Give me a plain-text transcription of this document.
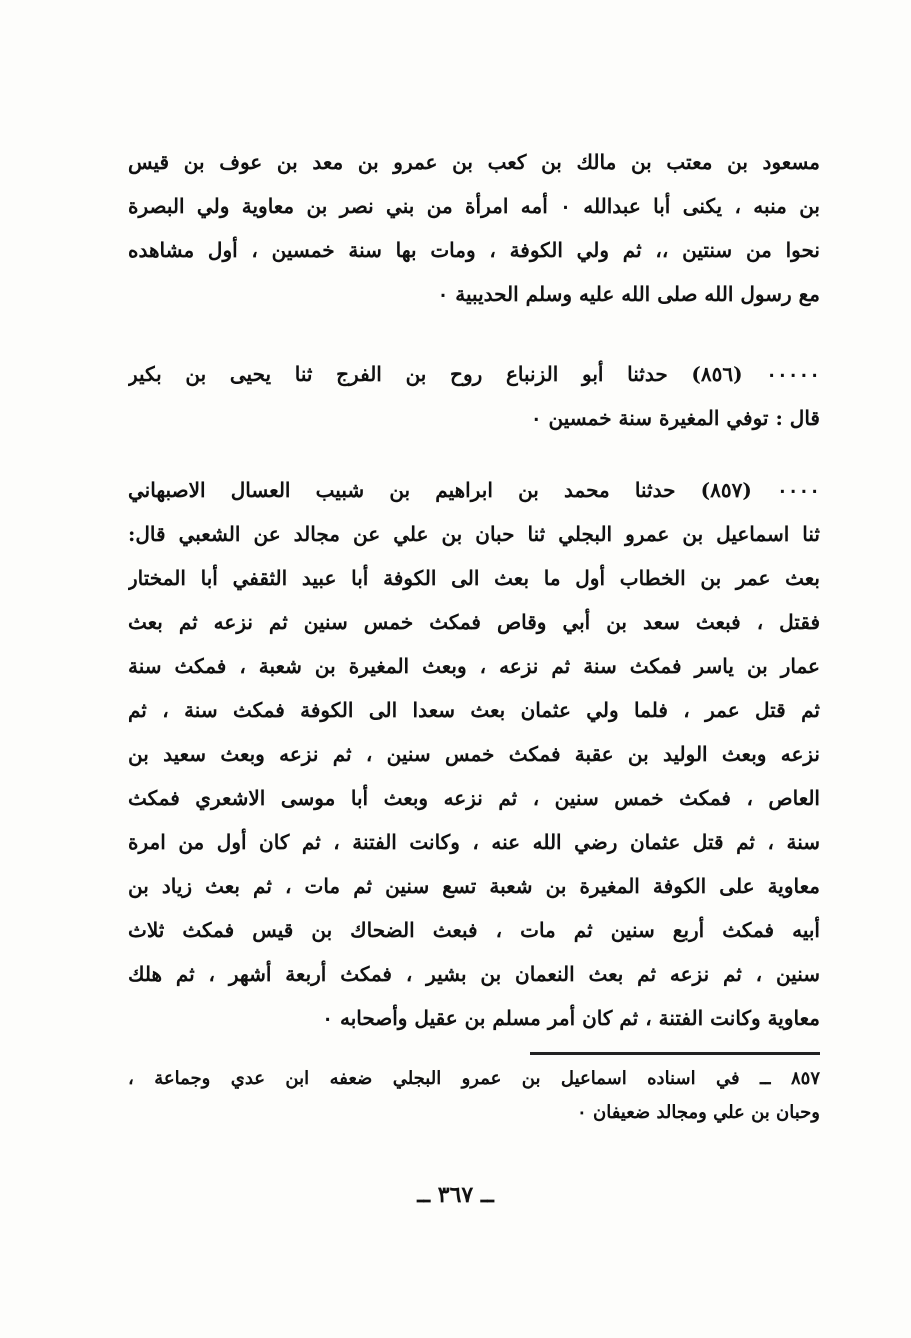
مسعود بن معتب بن مالك بن كعب بن عمرو بن معد بن عوف بن قيس
بن منبه ، يكنى أبا عبدالله ٠ أمه امرأة من بني نصر بن معاوية ولي البصرة
نحوا من سنتين ،، ثم ولي الكوفة ، ومات بها سنة خمسين ، أول مشاهده
مع رسول الله صلى الله عليه وسلم الحديبية ٠
٠٠٠٠٠ (٨٥٦) حدثنا أبو الزنباع روح بن الفرج ثنا يحيى بن بكير
قال : توفي المغيرة سنة خمسين ٠
٠٠٠٠ (٨٥٧) حدثنا محمد بن ابراهيم بن شبيب العسال الاصبهاني
ثنا اسماعيل بن عمرو البجلي ثنا حبان بن علي عن مجالد عن الشعبي قال:
بعث عمر بن الخطاب أول ما بعث الى الكوفة أبا عبيد الثقفي أبا المختار
فقتل ، فبعث سعد بن أبي وقاص فمكث خمس سنين ثم نزعه ثم بعث
عمار بن ياسر فمكث سنة ثم نزعه ، وبعث المغيرة بن شعبة ، فمكث سنة
ثم قتل عمر ، فلما ولي عثمان بعث سعدا الى الكوفة فمكث سنة ، ثم
نزعه وبعث الوليد بن عقبة فمكث خمس سنين ، ثم نزعه وبعث سعيد بن
العاص ، فمكث خمس سنين ، ثم نزعه وبعث أبا موسى الاشعري فمكث
سنة ، ثم قتل عثمان رضي الله عنه ، وكانت الفتنة ، ثم كان أول من امرة
معاوية على الكوفة المغيرة بن شعبة تسع سنين ثم مات ، ثم بعث زياد بن
أبيه فمكث أربع سنين ثم مات ، فبعث الضحاك بن قيس فمكث ثلاث
سنين ، ثم نزعه ثم بعث النعمان بن بشير ، فمكث أربعة أشهر ، ثم هلك
معاوية وكانت الفتنة ، ثم كان أمر مسلم بن عقيل وأصحابه ٠
٨٥٧ ــ في اسناده اسماعيل بن عمرو البجلي ضعفه ابن عدي وجماعة ،
وحبان بن علي ومجالد ضعيفان ٠
ــ ٣٦٧ ــ
